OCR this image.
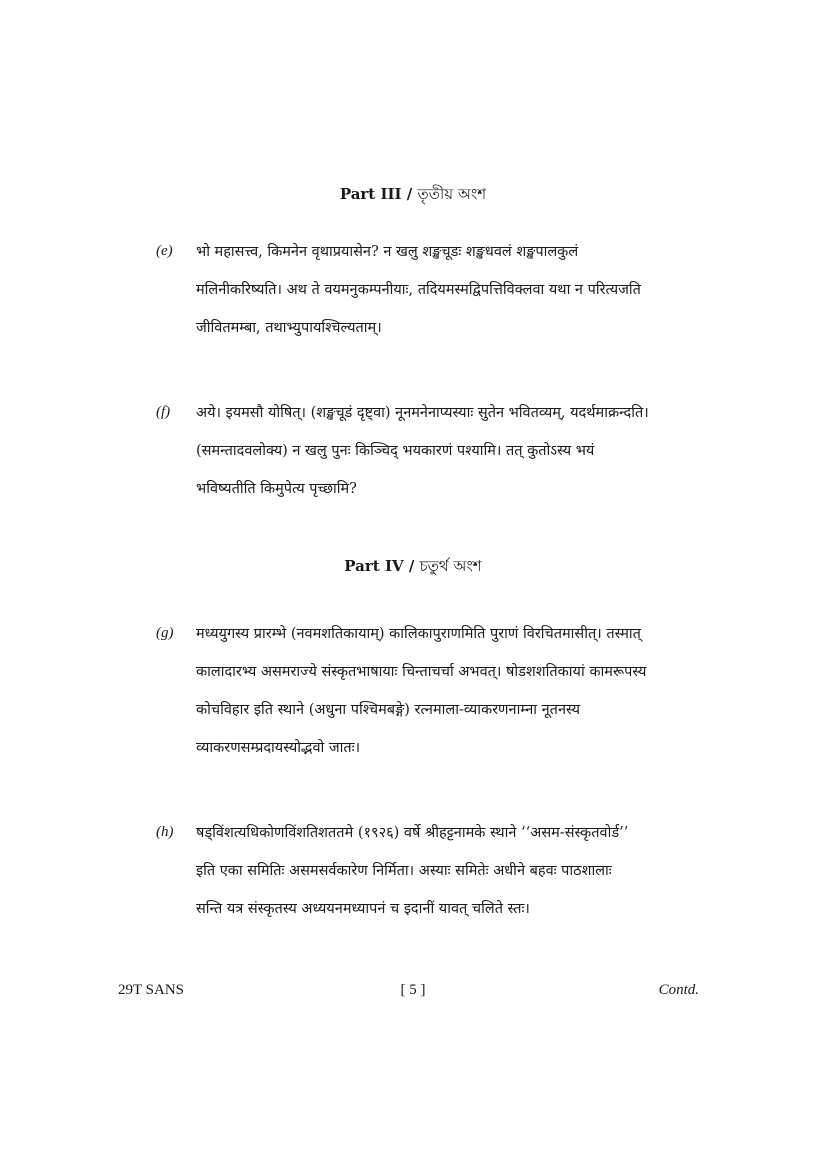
Part III / তৃতীয় অংশ
(e) भो महासत्त्व, किमनेन वृथाप्रयासेन? न खलु शङ्खचूडः शङ्खधवलं शङ्खपालकुलं
मलिनीकरिष्यति। अथ ते वयमनुकम्पनीयाः, तदियमस्मद्विपत्तिविक्लवा यथा न परित्यजति
जीवितमम्बा, तथाभ्युपायश्चिल्यताम्।
(f) अये। इयमसौ योषित्। (शङ्खचूडं दृष्ट्वा) नूनमनेनाप्यस्याः सुतेन भवितव्यम्, यदर्थमाक्रन्दति।
(समन्तादवलोक्य) न खलु पुनः किञ्चिद् भयकारणं पश्यामि। तत् कुतोऽस्य भयं
भविष्यतीति किमुपेत्य पृच्छामि?
Part IV / চতুৰ্থ অংশ
(g) मध्ययुगस्य प्रारम्भे (नवमशतिकायाम्) कालिकापुराणमिति पुराणं विरचितमासीत्। तस्मात्
कालादारभ्य असमराज्ये संस्कृतभाषायाः चिन्ताचर्चा अभवत्। षोडशशतिकायां कामरूपस्य
कोचविहार इति स्थाने (अधुना पश्चिमबङ्गे) रत्नमाला-व्याकरणनाम्ना नूतनस्य
व्याकरणसम्प्रदायस्योद्भवो जातः।
(h) षड्विंशत्यधिकोणविंशतिशततमे (१९२६) वर्षे श्रीहट्टनामके स्थाने ‘‘असम-संस्कृतवोर्ड’’
इति एका समितिः असमसर्वकारेण निर्मिता। अस्याः समितेः अधीने बहवः पाठशालाः
सन्ति यत्र संस्कृतस्य अध्ययनमध्यापनं च इदानीं यावत् चलिते स्तः।
29T SANS	[ 5 ]	Contd.
